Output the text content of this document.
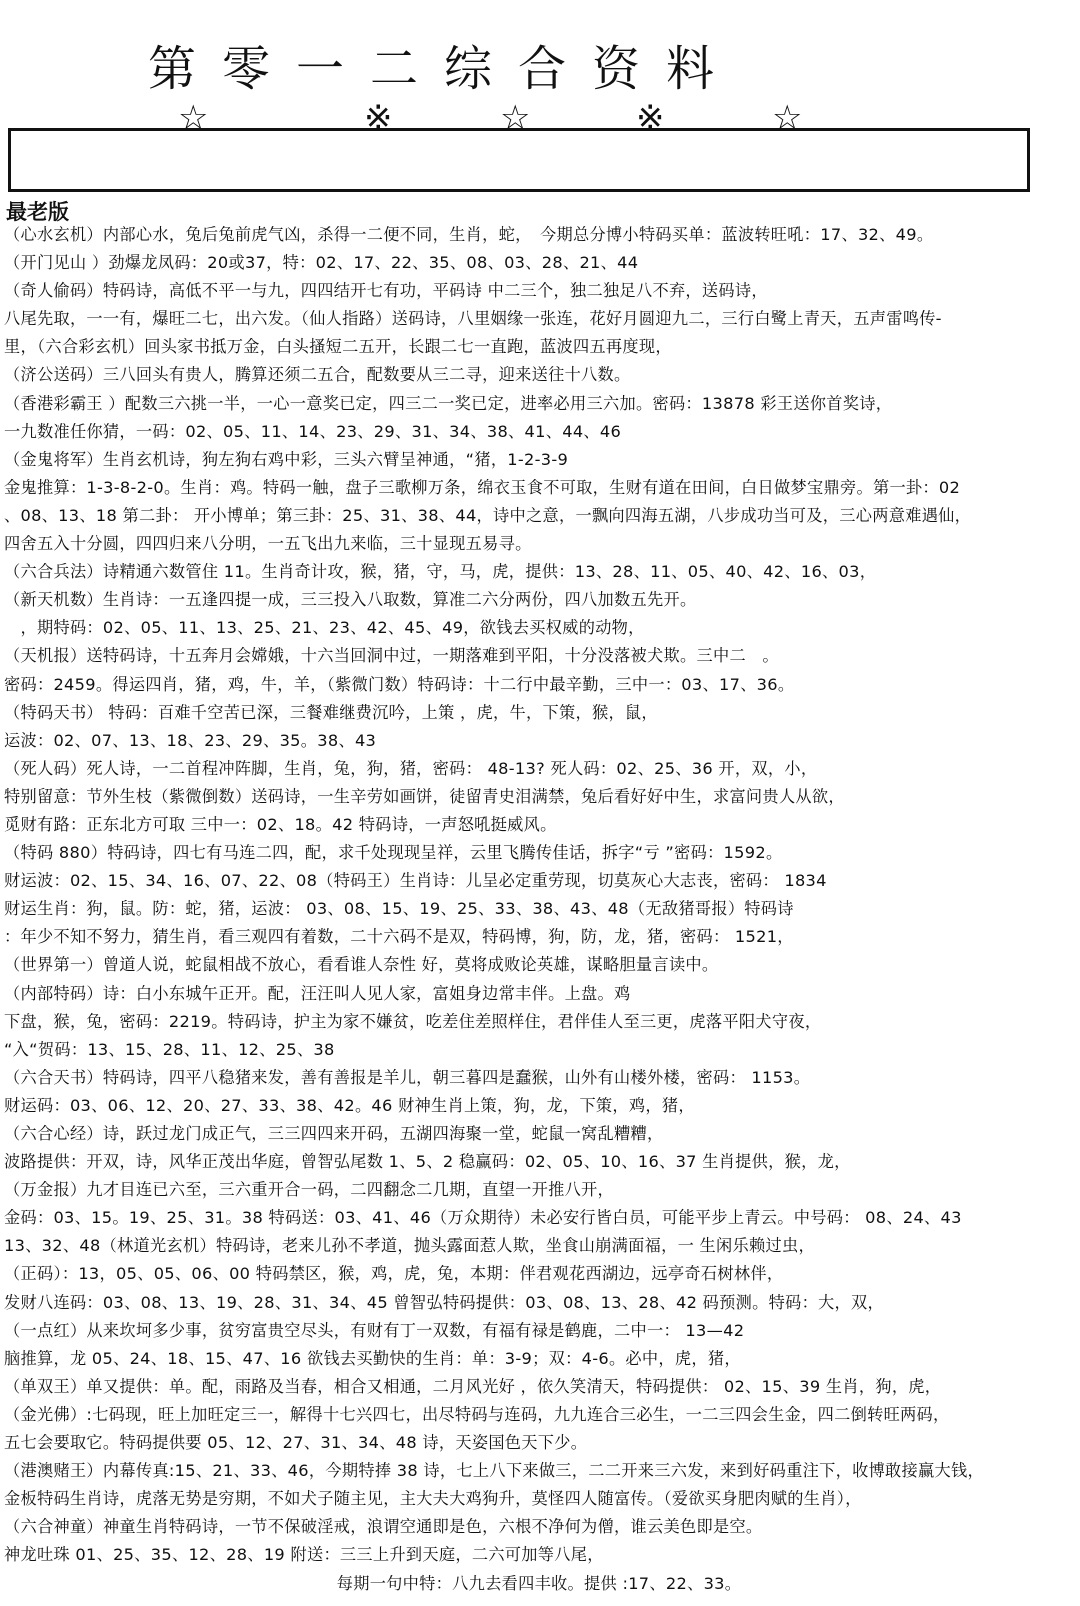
第零一二综合资料
☆	※	☆	※	☆
最老版
（心水玄机）内部心水，兔后兔前虎气凶，杀得一二便不同，生肖，蛇，　今期总分博小特码买单：蓝波转旺吼：17、32、49。
（开门见山 ）劲爆龙凤码：20或37，特：02、17、22、35、08、03、28、21、44
（奇人偷码）特码诗，高低不平一与九，四四结开七有功，平码诗 中二三个，独二独足八不弃，送码诗，
八尾先取，一一有，爆旺二七，出六发。（仙人指路）送码诗，八里姻缘一张连，花好月圆迎九二，三行白鹭上青天，五声雷鸣传-
里，（六合彩玄机）回头家书抵万金，白头搔短二五开，长跟二七一直跑，蓝波四五再度现，
（济公送码）三八回头有贵人，腾算还须二五合，配数要从三二寻，迎来送往十八数。
（香港彩霸王 ）配数三六挑一半，一心一意奖已定，四三二一奖已定，进率必用三六加。密码：13878 彩王送你首奖诗，
一九数准任你猜，一码：02、05、11、14、23、29、31、34、38、41、44、46
（金鬼将军）生肖玄机诗，狗左狗右鸡中彩，三头六臂呈神通，“猪，1-2-3-9
金鬼推算：1-3-8-2-0。生肖：鸡。特码一触，盘子三歌柳万条，绵衣玉食不可取，生财有道在田间，白日做梦宝鼎旁。第一卦：02
、08、13、18 第二卦： 开小博单；第三卦：25、31、38、44，诗中之意，一飘向四海五湖，八步成功当可及，三心两意难遇仙，
四舍五入十分圆，四四归来八分明，一五飞出九来临，三十显现五易寻。
（六合兵法）诗精通六数管住 11。生肖奇计攻，猴，猪，守，马，虎，提供：13、28、11、05、40、42、16、03，
（新天机数）生肖诗：一五逢四提一成，三三投入八取数，算准二六分两份，四八加数五先开。
　，期特码：02、05、11、13、25、21、23、42、45、49，欲钱去买权威的动物，
（天机报）送特码诗，十五奔月会嫦娥，十六当回洞中过，一期落难到平阳，十分没落被犬欺。三中二　。
密码：2459。得运四肖，猪，鸡，牛，羊，（紫微门数）特码诗：十二行中最辛勤，三中一：03、17、36。
（特码天书） 特码：百难千空苦已深，三餐难继费沉吟，上策 ，虎，牛，下策，猴，鼠，
运波：02、07、13、18、23、29、35。38、43
（死人码）死人诗，一二首程冲阵脚，生肖，兔，狗，猪，密码： 48-13? 死人码：02、25、36 开，双，小，
特别留意：节外生枝（紫微倒数）送码诗，一生辛劳如画饼，徒留青史泪满禁，兔后看好好中生，求富问贵人从欲，
觅财有路：正东北方可取 三中一：02、18。42 特码诗，一声怒吼挺威风。
（特码 880）特码诗，四七有马连二四，配，求千处现现呈祥，云里飞腾传佳话，拆字“亏 ”密码：1592。
财运波：02、15、34、16、07、22、08（特码王）生肖诗：儿呈必定重劳现，切莫灰心大志丧，密码： 1834
财运生肖：狗，鼠。防：蛇，猪，运波： 03、08、15、19、25、33、38、43、48（无敌猪哥报）特码诗
：年少不知不努力，猜生肖，看三观四有着数，二十六码不是双，特码博，狗，防，龙，猪，密码： 1521，
（世界第一）曾道人说，蛇鼠相战不放心，看看谁人奈性 好，莫将成败论英雄，谋略胆量言读中。
（内部特码）诗：白小东城午正开。配，汪汪叫人见人家，富姐身边常丰伴。上盘。鸡
下盘，猴，兔，密码：2219。特码诗，护主为家不嫌贫，吃差住差照样住，君伴佳人至三更，虎落平阳犬守夜，
“入“贺码：13、15、28、11、12、25、38
（六合天书）特码诗，四平八稳猪来发，善有善报是羊儿，朝三暮四是蠢猴，山外有山楼外楼，密码： 1153。
财运码：03、06、12、20、27、33、38、42。46 财神生肖上策，狗，龙，下策，鸡，猪，
（六合心经）诗，跃过龙门成正气，三三四四来开码，五湖四海聚一堂，蛇鼠一窝乱糟糟，
波路提供：开双，诗，风华正茂出华庭，曾智弘尾数 1、5、2 稳赢码：02、05、10、16、37 生肖提供，猴，龙，
（万金报）九才目连已六至，三六重开合一码，二四翻念二几期，直望一开推八开，
金码：03、15。19、25、31。38 特码送：03、41、46（万众期待）未必安行皆白员，可能平步上青云。中号码： 08、24、43
13、32、48（林道光玄机）特码诗，老来儿孙不孝道，抛头露面惹人欺，坐食山崩满面福，一 生闲乐赖过虫，
（正码）：13，05、05、06、00 特码禁区，猴，鸡，虎，兔，本期：伴君观花西湖边，远亭奇石树林伴，
发财八连码：03、08、13、19、28、31、34、45 曾智弘特码提供：03、08、13、28、42 码预测。特码：大，双，
（一点红）从来坎坷多少事，贫穷富贵空尽头，有财有丁一双数，有福有禄是鹤鹿，二中一： 13—42
脑推算，龙 05、24、18、15、47、16 欲钱去买勤快的生肖：单：3-9；双：4-6。必中，虎，猪，
（单双王）单又提供：单。配，雨路及当春，相合又相通，二月风光好 ，依久笑清天，特码提供： 02、15、39 生肖，狗，虎，
（金光佛）:七码现，旺上加旺定三一，解得十七兴四七，出尽特码与连码，九九连合三必生，一二三四会生金，四二倒转旺两码，
五七会要取它。特码提供要 05、12、27、31、34、48 诗，天姿国色天下少。
（港澳赌王）内幕传真:15、21、33、46，今期特捧 38 诗，七上八下来做三，二二开来三六发，来到好码重注下，收博敢接赢大钱，
金板特码生肖诗，虎落无势是穷期，不如犬子随主见，主大夫大鸡狗升，莫怪四人随富传。（爱欲买身肥肉赋的生肖），
（六合神童）神童生肖特码诗，一节不保破淫戒，浪谓空通即是色，六根不净何为僧，谁云美色即是空。
神龙吐珠 01、25、35、12、28、19 附送：三三上升到天庭，二六可加等八尾，
每期一句中特：八九去看四丰收。提供 :17、22、33。
